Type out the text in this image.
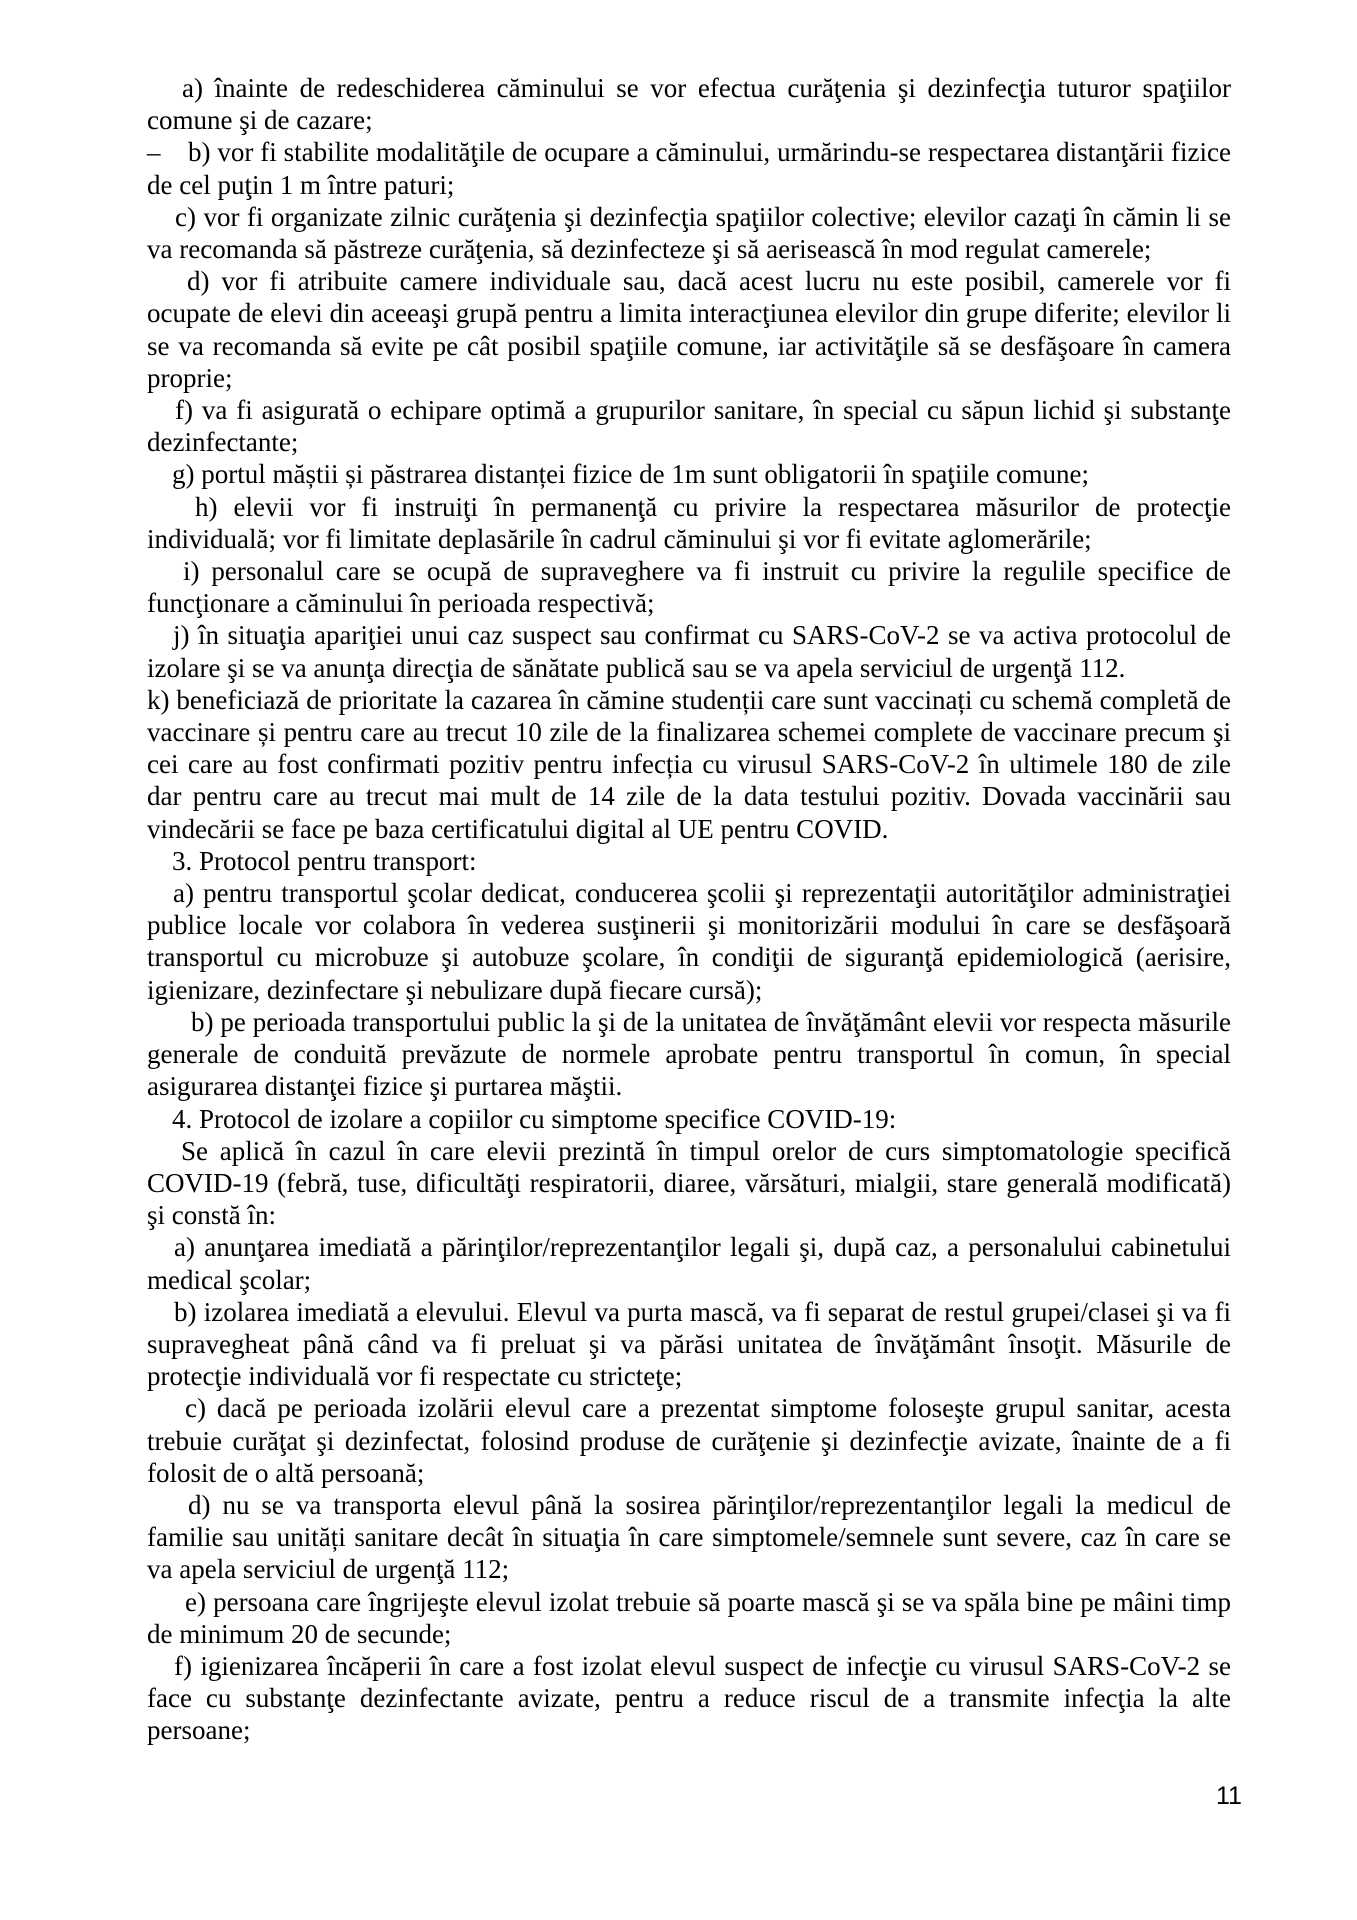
a) înainte de redeschiderea căminului se vor efectua curăţenia şi dezinfecţia tuturor spaţiilor comune şi de cazare;

–    b) vor fi stabilite modalităţile de ocupare a căminului, urmărindu-se respectarea distanţării fizice de cel puţin 1 m între paturi;

c) vor fi organizate zilnic curăţenia şi dezinfecţia spaţiilor colective; elevilor cazaţi în cămin li se va recomanda să păstreze curăţenia, să dezinfecteze şi să aerisească în mod regulat camerele;

d) vor fi atribuite camere individuale sau, dacă acest lucru nu este posibil, camerele vor fi ocupate de elevi din aceeaşi grupă pentru a limita interacţiunea elevilor din grupe diferite; elevilor li se va recomanda să evite pe cât posibil spaţiile comune, iar activităţile să se desfăşoare în camera proprie;

f) va fi asigurată o echipare optimă a grupurilor sanitare, în special cu săpun lichid şi substanţe dezinfectante;

g) portul măștii și păstrarea distanței fizice de 1m sunt obligatorii în spaţiile comune;

h) elevii vor fi instruiţi în permanenţă cu privire la respectarea măsurilor de protecţie individuală; vor fi limitate deplasările în cadrul căminului şi vor fi evitate aglomerările;

i) personalul care se ocupă de supraveghere va fi instruit cu privire la regulile specifice de funcţionare a căminului în perioada respectivă;

j) în situaţia apariţiei unui caz suspect sau confirmat cu SARS-CoV-2 se va activa protocolul de izolare şi se va anunţa direcţia de sănătate publică sau se va apela serviciul de urgenţă 112.

k) beneficiază de prioritate la cazarea în cămine studenții care sunt vaccinați cu schemă completă de vaccinare și pentru care au trecut 10 zile de la finalizarea schemei complete de vaccinare precum şi cei care au fost confirmati pozitiv pentru infecția cu virusul SARS-CoV-2 în ultimele 180 de zile dar pentru care au trecut mai mult de 14 zile de la data testului pozitiv. Dovada vaccinării sau vindecării se face pe baza certificatului digital al UE pentru COVID.

3. Protocol pentru transport:

a) pentru transportul şcolar dedicat, conducerea şcolii şi reprezentaţii autorităţilor administraţiei publice locale vor colabora în vederea susţinerii şi monitorizării modului în care se desfăşoară transportul cu microbuze şi autobuze şcolare, în condiţii de siguranţă epidemiologică (aerisire, igienizare, dezinfectare şi nebulizare după fiecare cursă);

b) pe perioada transportului public la şi de la unitatea de învăţământ elevii vor respecta măsurile generale de conduită prevăzute de normele aprobate pentru transportul în comun, în special asigurarea distanţei fizice şi purtarea măştii.

4. Protocol de izolare a copiilor cu simptome specifice COVID-19:

Se aplică în cazul în care elevii prezintă în timpul orelor de curs simptomatologie specifică COVID-19 (febră, tuse, dificultăţi respiratorii, diaree, vărsături, mialgii, stare generală modificată) şi constă în:

a) anunţarea imediată a părinţilor/reprezentanţilor legali şi, după caz, a personalului cabinetului medical şcolar;

b) izolarea imediată a elevului. Elevul va purta mască, va fi separat de restul grupei/clasei şi va fi supravegheat până când va fi preluat şi va părăsi unitatea de învăţământ însoţit. Măsurile de protecţie individuală vor fi respectate cu stricteţe;

c) dacă pe perioada izolării elevul care a prezentat simptome foloseşte grupul sanitar, acesta trebuie curăţat şi dezinfectat, folosind produse de curăţenie şi dezinfecţie avizate, înainte de a fi folosit de o altă persoană;

d) nu se va transporta elevul până la sosirea părinţilor/reprezentanţilor legali la medicul de familie sau unități sanitare decât în situaţia în care simptomele/semnele sunt severe, caz în care se va apela serviciul de urgenţă 112;

e) persoana care îngrijeşte elevul izolat trebuie să poarte mască şi se va spăla bine pe mâini timp de minimum 20 de secunde;

f) igienizarea încăperii în care a fost izolat elevul suspect de infecţie cu virusul SARS-CoV-2 se face cu substanţe dezinfectante avizate, pentru a reduce riscul de a transmite infecţia la alte persoane;

11
